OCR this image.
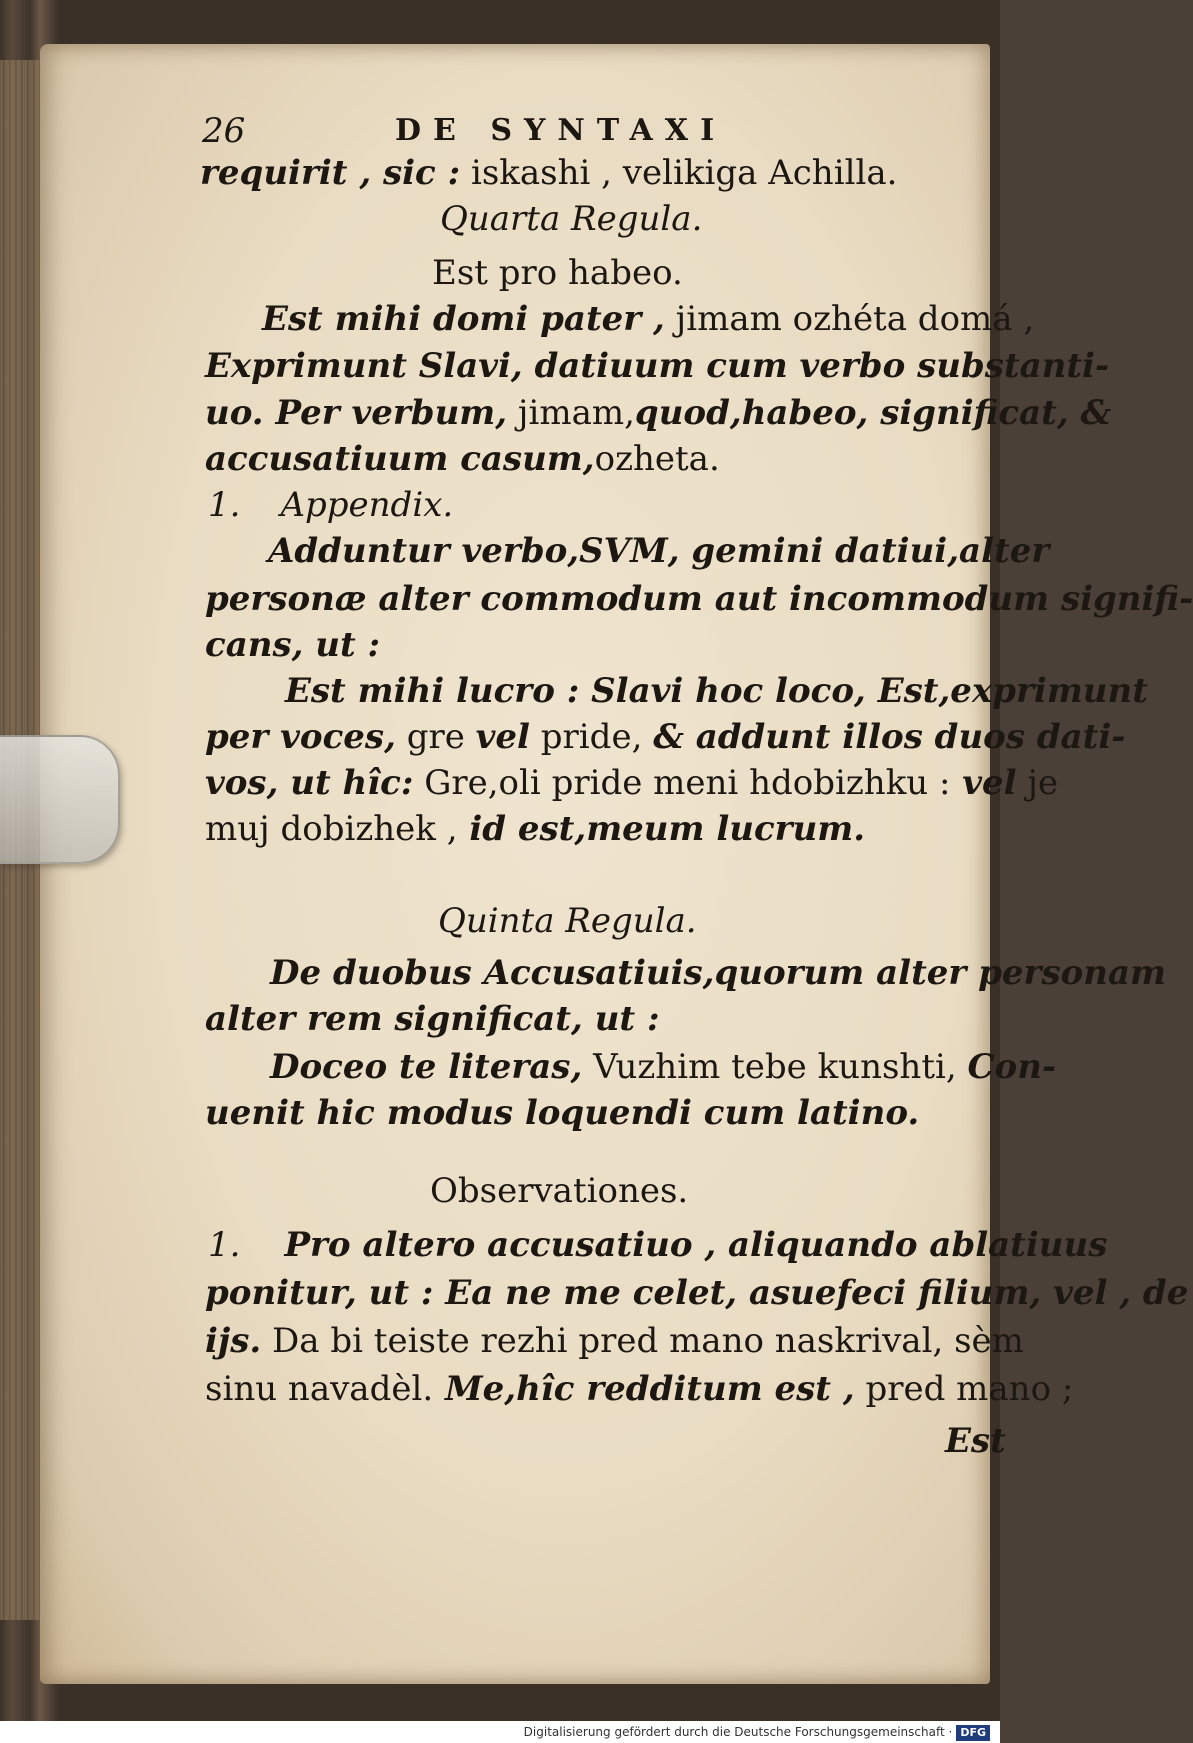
26	DE SYNTAXI
requirit , sic : iskashi , velikiga Achilla.
Quarta Regula.
Est pro habeo.
Est mihi domi pater , jimam ozhéta domá ,
Exprimunt Slavi, datiuum cum verbo substanti-
uo. Per verbum, jimam,quod,habeo, significat, &
accusatiuum casum,ozheta.
1. Appendix.
Adduntur verbo,SVM, gemini datiui,alter
personæ alter commodum aut incommodum signifi-
cans, ut :
Est mihi lucro : Slavi hoc loco, Est,exprimunt
per voces, gre vel pride, & addunt illos duos dati-
vos, ut hîc: Gre,oli pride meni hdobizhku : vel je
muj dobizhek , id est,meum lucrum.
Quinta Regula.
De duobus Accusatiuis,quorum alter personam
alter rem significat, ut :
Doceo te literas, Vuzhim tebe kunshti, Con-
uenit hic modus loquendi cum latino.
Observationes.
1. Pro altero accusatiuo , aliquando ablatiuus
ponitur, ut : Ea ne me celet, asuefeci filium, vel , de
ijs. Da bi teiste rezhi pred mano naskrival, sèm
sinu navadèl. Me,hîc redditum est , pred mano ;
Est
Digitalisierung gefördert durch die Deutsche Forschungsgemeinschaft · DFG
